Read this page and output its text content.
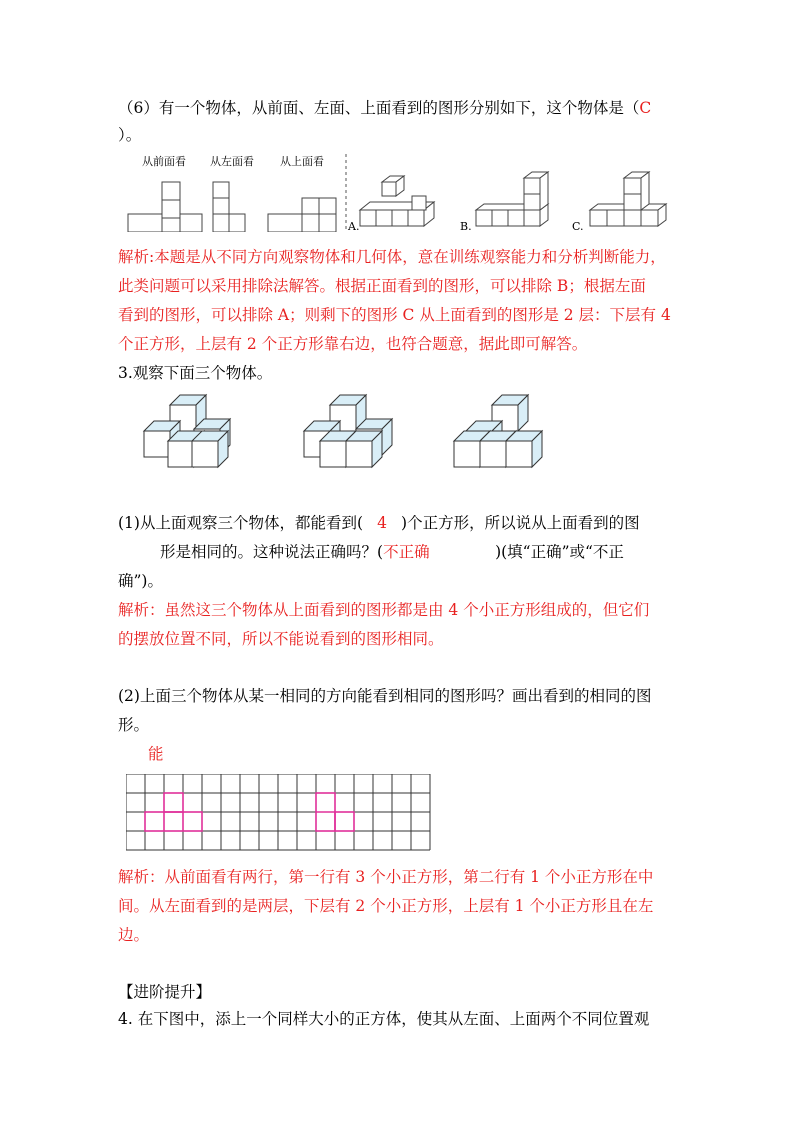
（6）有一个物体，从前面、左面、上面看到的图形分别如下，这个物体是（C
）。
从前面看 从左面看 从上面看
A.	B.	C.
解析:本题是从不同方向观察物体和几何体，意在训练观察能力和分析判断能力，
此类问题可以采用排除法解答。根据正面看到的图形，可以排除 B；根据左面
看到的图形，可以排除 A；则剩下的图形 C 从上面看到的图形是 2 层：下层有 4
个正方形，上层有 2 个正方形靠右边，也符合题意，据此即可解答。
3.观察下面三个物体。
(1)从上面观察三个物体，都能看到( 4 )个正方形，所以说从上面看到的图
形是相同的。这种说法正确吗？(不正确	)(填“正确”或“不正
确”)。
解析：虽然这三个物体从上面看到的图形都是由 4 个小正方形组成的，但它们
的摆放位置不同，所以不能说看到的图形相同。
(2)上面三个物体从某一相同的方向能看到相同的图形吗？画出看到的相同的图
形。
能
解析：从前面看有两行，第一行有 3 个小正方形，第二行有 1 个小正方形在中
间。从左面看到的是两层，下层有 2 个小正方形，上层有 1 个小正方形且在左
边。
【进阶提升】
4. 在下图中，添上一个同样大小的正方体，使其从左面、上面两个不同位置观
